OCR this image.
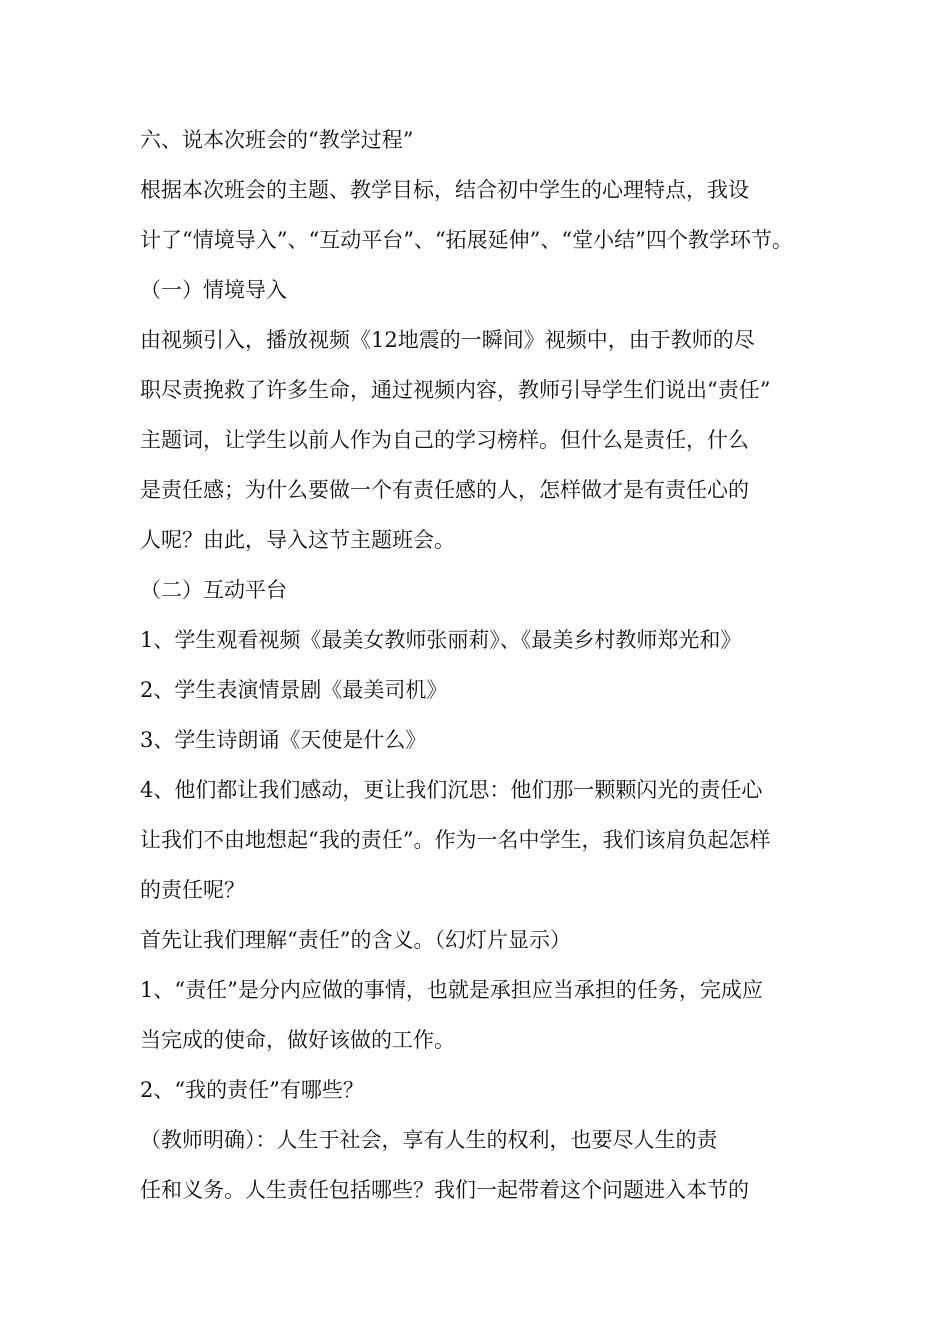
六、说本次班会的“教学过程”
根据本次班会的主题、教学目标，结合初中学生的心理特点，我设
计了“情境导入”、“互动平台”、“拓展延伸”、“堂小结”四个教学环节。
（一）情境导入
由视频引入，播放视频《12地震的一瞬间》视频中，由于教师的尽
职尽责挽救了许多生命，通过视频内容，教师引导学生们说出“责任”
主题词，让学生以前人作为自己的学习榜样。但什么是责任，什么
是责任感；为什么要做一个有责任感的人，怎样做才是有责任心的
人呢？由此，导入这节主题班会。
（二）互动平台
1、学生观看视频《最美女教师张丽莉》、《最美乡村教师郑光和》
2、学生表演情景剧《最美司机》
3、学生诗朗诵《天使是什么》
4、他们都让我们感动，更让我们沉思：他们那一颗颗闪光的责任心
让我们不由地想起“我的责任”。作为一名中学生，我们该肩负起怎样
的责任呢？
首先让我们理解“责任”的含义。（幻灯片显示）
1、“责任”是分内应做的事情，也就是承担应当承担的任务，完成应
当完成的使命，做好该做的工作。
2、“我的责任”有哪些？
（教师明确）：人生于社会，享有人生的权利，也要尽人生的责
任和义务。人生责任包括哪些？我们一起带着这个问题进入本节的
